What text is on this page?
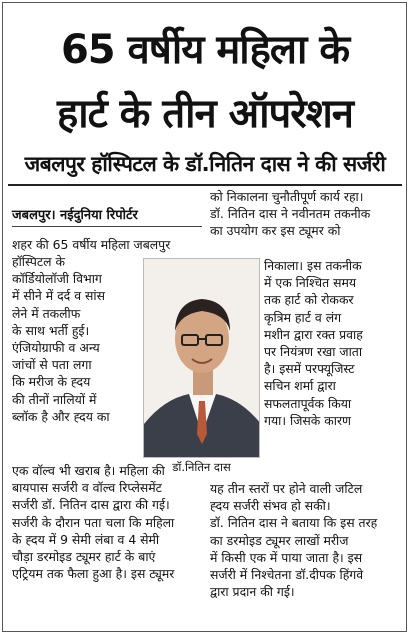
65 वर्षीय महिला के
हार्ट के तीन ऑपरेशन
जबलपुर हॉस्पिटल के डॉ.नितिन दास ने की सर्जरी
जबलपुर। नईदुनिया रिपोर्टर
शहर की 65 वर्षीय महिला जबलपुर
हॉस्पिटल के
कॉर्डियोलॉजी विभाग
में सीने में दर्द व सांस
लेने में तकलीफ
के साथ भर्ती हुई।
एंजियोग्राफी व अन्य
जांचों से पता लगा
कि मरीज के ह्दय
की तीनों नालियों में
ब्लॉक है और ह्दय का
एक वॉल्व भी खराब है। महिला की
बायपास सर्जरी व वॉल्व रिप्लेसमेंट
सर्जरी डॉ. नितिन दास द्वारा की गई।
सर्जरी के दौरान पता चला कि महिला
के ह्दय में 9 सेमी लंबा व 4 सेमी
चौड़ा डरमोइड ट्यूमर हार्ट के बाएं
एट्रियम तक फैला हुआ है। इस ट्यूमर
को निकालना चुनौतीपूर्ण कार्य रहा।
डॉ. नितिन दास ने नवीनतम तकनीक
का उपयोग कर इस ट्यूमर को
निकाला। इस तकनीक
में एक निश्चित समय
तक हार्ट को रोककर
कृत्रिम हार्ट व लंग
मशीन द्वारा रक्त प्रवाह
पर नियंत्रण रखा जाता
है। इसमें परफ्यूजिस्ट
सचिन शर्मा द्वारा
सफलतापूर्वक किया
गया। जिसके कारण
यह तीन स्तरों पर होने वाली जटिल
ह्दय सर्जरी संभव हो सकी।
डॉ. नितिन दास ने बताया कि इस तरह
का डरमोइड ट्यूमर लाखों मरीज
में किसी एक में पाया जाता है। इस
सर्जरी में निश्चेतना डॉ.दीपक हिंगवे
द्वारा प्रदान की गई।
डॉ.नितिन दास
